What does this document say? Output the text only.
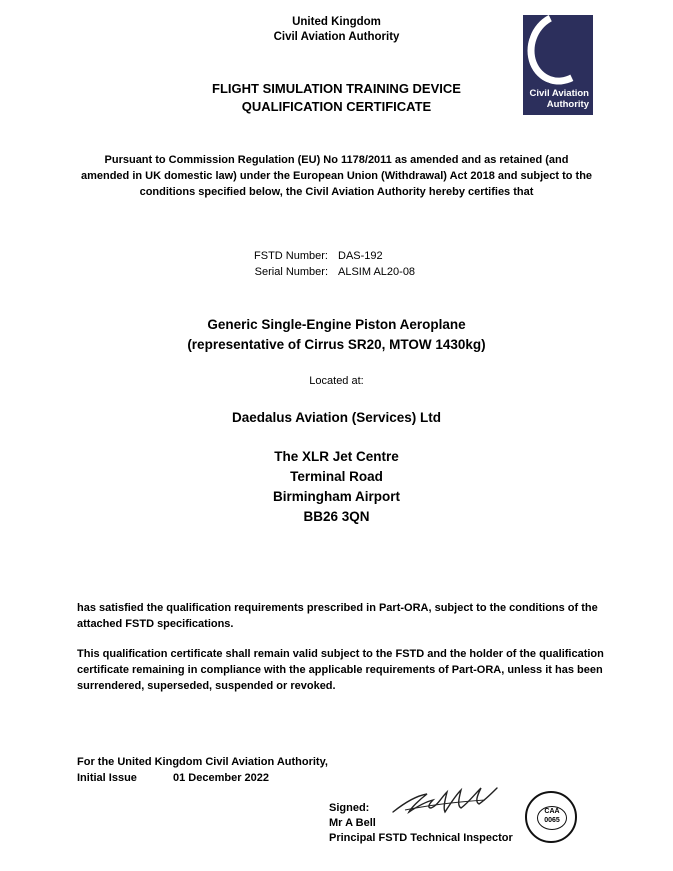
United Kingdom
Civil Aviation Authority
Civil Aviation
Authority
FLIGHT SIMULATION TRAINING DEVICE
QUALIFICATION CERTIFICATE
Pursuant to Commission Regulation (EU) No 1178/2011 as amended and as retained (and
amended in UK domestic law) under the European Union (Withdrawal) Act 2018 and subject to the
conditions specified below, the Civil Aviation Authority hereby certifies that
FSTD Number: DAS-192
Serial Number: ALSIM AL20-08
Generic Single-Engine Piston Aeroplane
(representative of Cirrus SR20, MTOW 1430kg)
Located at:
Daedalus Aviation (Services) Ltd
The XLR Jet Centre
Terminal Road
Birmingham Airport
BB26 3QN
has satisfied the qualification requirements prescribed in Part-ORA, subject to the conditions of the
attached FSTD specifications.
This qualification certificate shall remain valid subject to the FSTD and the holder of the qualification
certificate remaining in compliance with the applicable requirements of Part-ORA, unless it has been
surrendered, superseded, suspended or revoked.
For the United Kingdom Civil Aviation Authority,
Initial Issue	01 December 2022
Signed:
Mr A Bell
Principal FSTD Technical Inspector
CAA
0065
